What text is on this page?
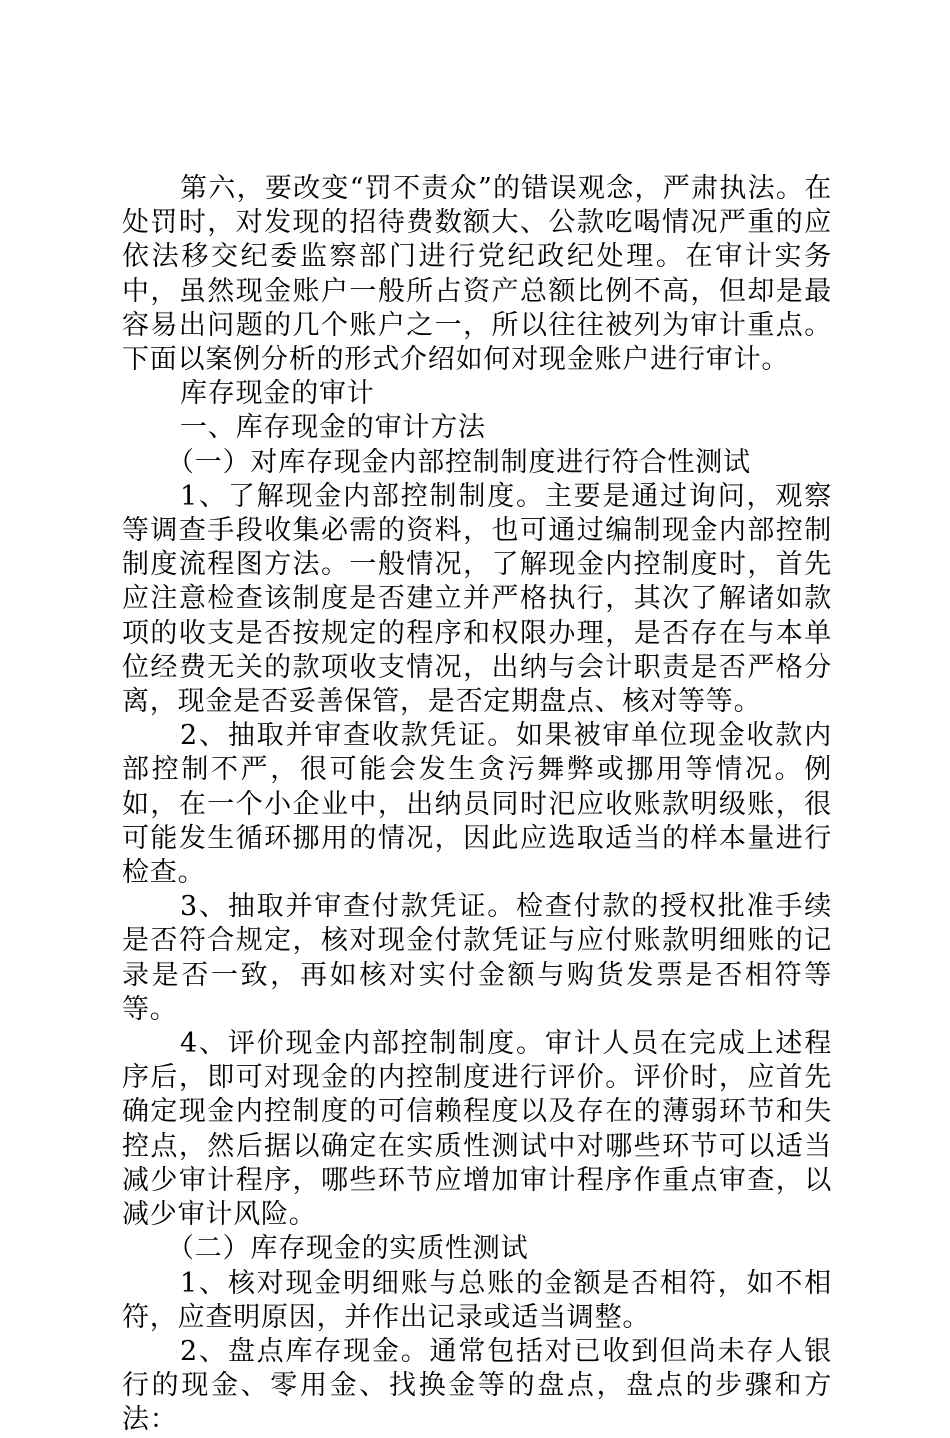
第六，要改变“罚不责众”的错误观念，严肃执法。在处罚时，对发现的招待费数额大、公款吃喝情况严重的应依法移交纪委监察部门进行党纪政纪处理。在审计实务中，虽然现金账户一般所占资产总额比例不高，但却是最容易出问题的几个账户之一，所以往往被列为审计重点。下面以案例分析的形式介绍如何对现金账户进行审计。

库存现金的审计

一、库存现金的审计方法

（一）对库存现金内部控制制度进行符合性测试

1、了解现金内部控制制度。主要是通过询问，观察等调查手段收集必需的资料，也可通过编制现金内部控制制度流程图方法。一般情况，了解现金内控制度时，首先应注意检查该制度是否建立并严格执行，其次了解诸如款项的收支是否按规定的程序和权限办理，是否存在与本单位经费无关的款项收支情况，出纳与会计职责是否严格分离，现金是否妥善保管，是否定期盘点、核对等等。

2、抽取并审查收款凭证。如果被审单位现金收款内部控制不严，很可能会发生贪污舞弊或挪用等情况。例如，在一个小企业中，出纳员同时汜应收账款明级账，很可能发生循环挪用的情况，因此应选取适当的样本量进行检查。

3、抽取并审查付款凭证。检查付款的授权批准手续是否符合规定，核对现金付款凭证与应付账款明细账的记录是否一致，再如核对实付金额与购货发票是否相符等等。

4、评价现金内部控制制度。审计人员在完成上述程序后，即可对现金的内控制度进行评价。评价时，应首先确定现金内控制度的可信赖程度以及存在的薄弱环节和失控点，然后据以确定在实质性测试中对哪些环节可以适当减少审计程序，哪些环节应增加审计程序作重点审查，以减少审计风险。

（二）库存现金的实质性测试

1、核对现金明细账与总账的金额是否相符，如不相符，应查明原因，并作出记录或适当调整。

2、盘点库存现金。通常包括对已收到但尚未存人银行的现金、零用金、找换金等的盘点，盘点的步骤和方法：
